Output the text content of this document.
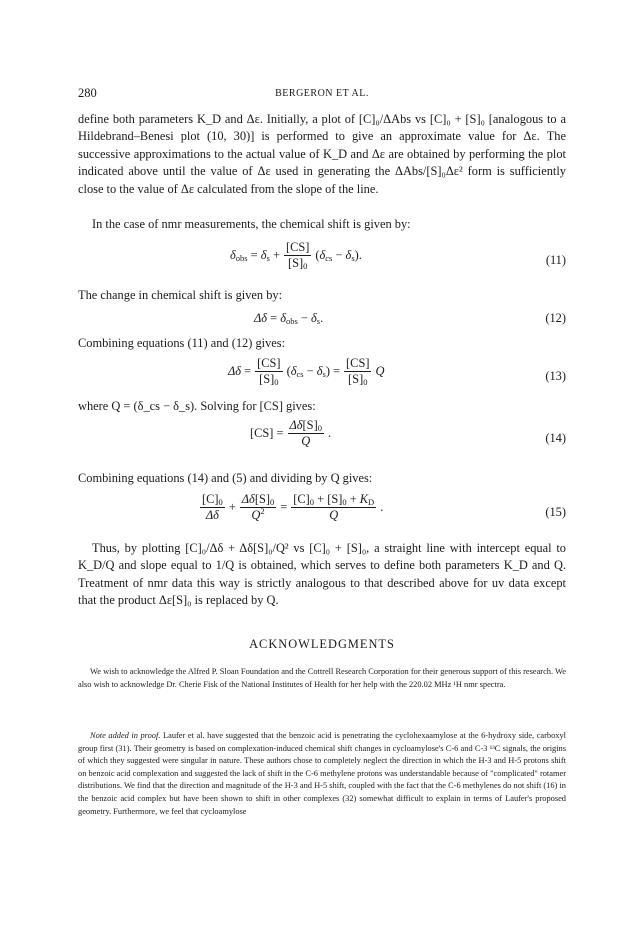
280	BERGERON ET AL.

define both parameters K_D and Δε. Initially, a plot of [C]₀/ΔAbs vs [C]₀ + [S]₀ [analogous to a Hildebrand–Benesi plot (10, 30)] is performed to give an approximate value for Δε. The successive approximations to the actual value of K_D and Δε are obtained by performing the plot indicated above until the value of Δε used in generating the ΔAbs/[S]₀Δε² form is sufficiently close to the value of Δε calculated from the slope of the line.

In the case of nmr measurements, the chemical shift is given by:

$\delta_{obs} = \delta_s + \frac{[CS]}{[S]_0} (\delta_{cs} - \delta_s)$.	(11)

The change in chemical shift is given by:

$\Delta\delta = \delta_{obs} - \delta_s$.	(12)

Combining equations (11) and (12) gives:

$\Delta\delta = \frac{[CS]}{[S]_0} (\delta_{cs} - \delta_s) = \frac{[CS]}{[S]_0}$ Q	(13)

where Q = (δ_cs − δ_s). Solving for [CS] gives:

$[CS] = \frac{\Delta\delta[S]_0}{Q}$ .	(14)

Combining equations (14) and (5) and dividing by Q gives:

$\frac{[C]_0}{\Delta\delta} + \frac{\Delta\delta[S]_0}{Q^2} = \frac{[C]_0 + [S]_0 + K_D}{Q}$ .	(15)

Thus, by plotting [C]₀/Δδ + Δδ[S]₀/Q² vs [C]₀ + [S]₀, a straight line with intercept equal to K_D/Q and slope equal to 1/Q is obtained, which serves to define both parameters K_D and Q. Treatment of nmr data this way is strictly analogous to that described above for uv data except that the product Δε[S]₀ is replaced by Q.

ACKNOWLEDGMENTS

We wish to acknowledge the Alfred P. Sloan Foundation and the Cottrell Research Corporation for their generous support of this research. We also wish to acknowledge Dr. Cherie Fisk of the National Institutes of Health for her help with the 220.02 MHz ¹H nmr spectra.

Note added in proof. Laufer et al. have suggested that the benzoic acid is penetrating the cyclohexaamylose at the 6-hydroxy side, carboxyl group first (31). Their geometry is based on complexation-induced chemical shift changes in cycloamylose's C-6 and C-3 ¹³C signals, the origins of which they suggested were singular in nature. These authors chose to completely neglect the direction in which the H-3 and H-5 protons shift on benzoic acid complexation and suggested the lack of shift in the C-6 methylene protons was understandable because of "complicated" rotamer distributions. We find that the direction and magnitude of the H-3 and H-5 shift, coupled with the fact that the C-6 methylenes do not shift (16) in the benzoic acid complex but have been shown to shift in other complexes (32) somewhat difficult to explain in terms of Laufer's proposed geometry. Furthermore, we feel that cycloamylose
